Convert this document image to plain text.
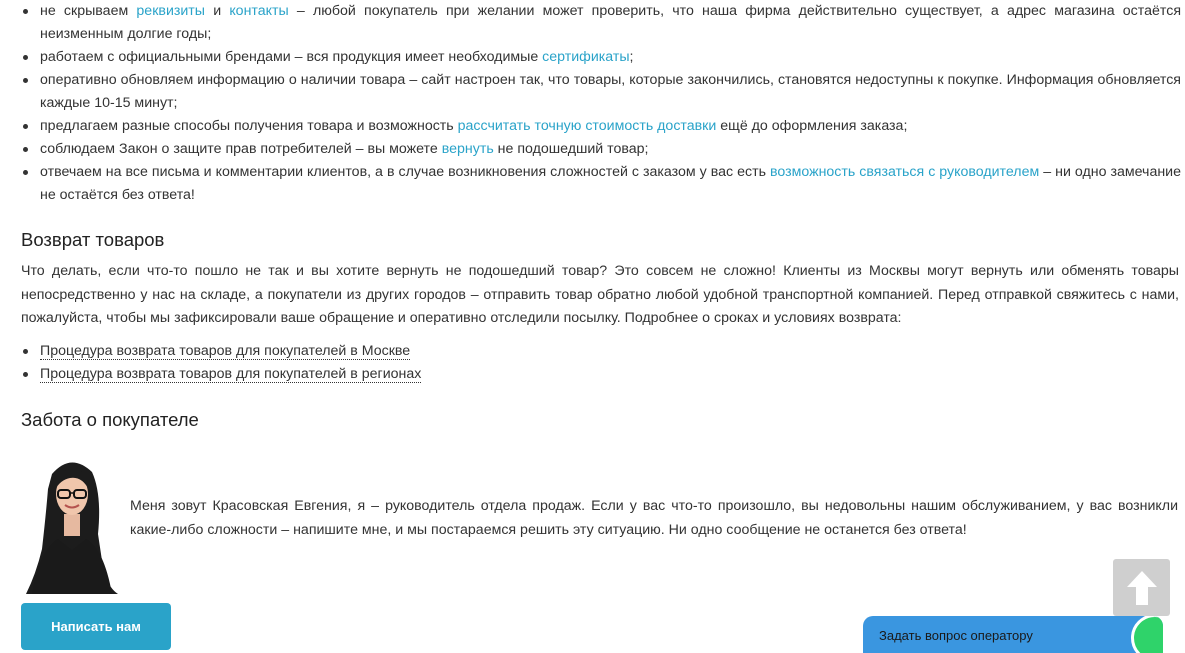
не скрываем реквизиты и контакты – любой покупатель при желании может проверить, что наша фирма действительно существует, а адрес магазина остаётся неизменным долгие годы;
работаем с официальными брендами – вся продукция имеет необходимые сертификаты;
оперативно обновляем информацию о наличии товара – сайт настроен так, что товары, которые закончились, становятся недоступны к покупке. Информация обновляется каждые 10-15 минут;
предлагаем разные способы получения товара и возможность рассчитать точную стоимость доставки ещё до оформления заказа;
соблюдаем Закон о защите прав потребителей – вы можете вернуть не подошедший товар;
отвечаем на все письма и комментарии клиентов, а в случае возникновения сложностей с заказом у вас есть возможность связаться с руководителем – ни одно замечание не остаётся без ответа!
Возврат товаров

Что делать, если что-то пошло не так и вы хотите вернуть не подошедший товар? Это совсем не сложно! Клиенты из Москвы могут вернуть или обменять товары непосредственно у нас на складе, а покупатели из других городов – отправить товар обратно любой удобной транспортной компанией. Перед отправкой свяжитесь с нами, пожалуйста, чтобы мы зафиксировали ваше обращение и оперативно отследили посылку. Подробнее о сроках и условиях возврата:

Процедура возврата товаров для покупателей в Москве
Процедура возврата товаров для покупателей в регионах
Забота о покупателе

Меня зовут Красовская Евгения, я – руководитель отдела продаж. Если у вас что-то произошло, вы недовольны нашим обслуживанием, у вас возникли какие-либо сложности – напишите мне, и мы постараемся решить эту ситуацию. Ни одно сообщение не останется без ответа!

Написать нам
Задать вопрос оператору
